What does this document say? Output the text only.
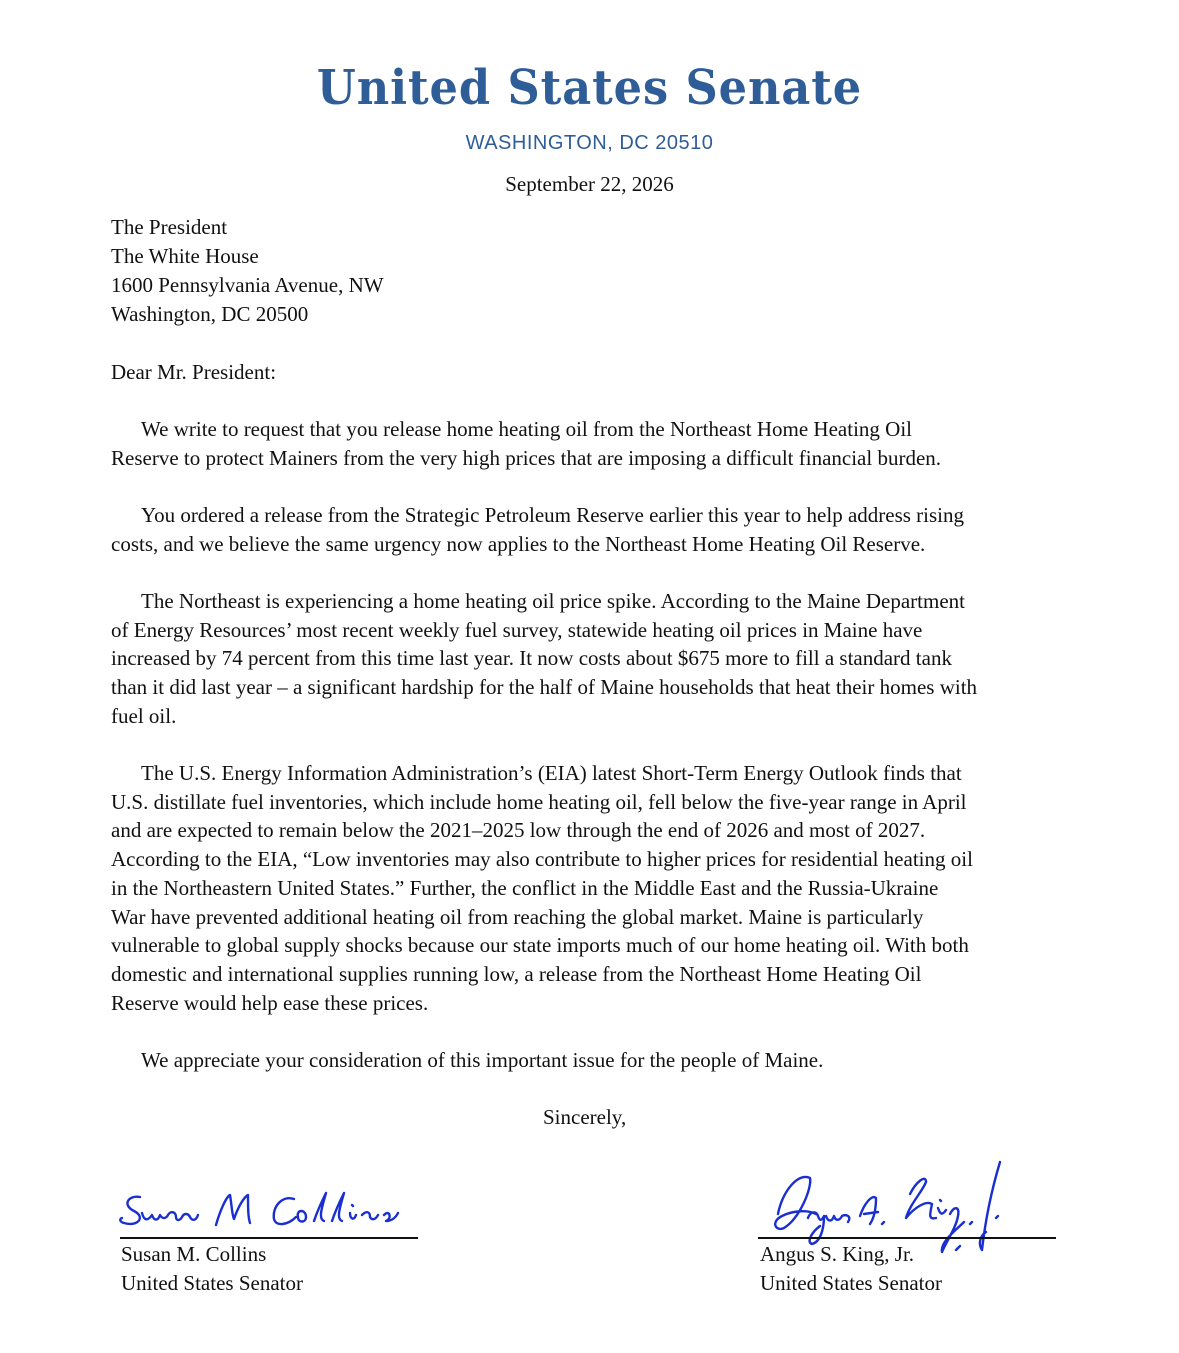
United States Senate
WASHINGTON, DC 20510
September 22, 2026
The President
The White House
1600 Pennsylvania Avenue, NW
Washington, DC 20500
Dear Mr. President:
We write to request that you release home heating oil from the Northeast Home Heating Oil
Reserve to protect Mainers from the very high prices that are imposing a difficult financial burden.
You ordered a release from the Strategic Petroleum Reserve earlier this year to help address rising
costs, and we believe the same urgency now applies to the Northeast Home Heating Oil Reserve.
The Northeast is experiencing a home heating oil price spike. According to the Maine Department
of Energy Resources’ most recent weekly fuel survey, statewide heating oil prices in Maine have
increased by 74 percent from this time last year. It now costs about $675 more to fill a standard tank
than it did last year – a significant hardship for the half of Maine households that heat their homes with
fuel oil.
The U.S. Energy Information Administration’s (EIA) latest Short-Term Energy Outlook finds that
U.S. distillate fuel inventories, which include home heating oil, fell below the five-year range in April
and are expected to remain below the 2021–2025 low through the end of 2026 and most of 2027.
According to the EIA, “Low inventories may also contribute to higher prices for residential heating oil
in the Northeastern United States.” Further, the conflict in the Middle East and the Russia-Ukraine
War have prevented additional heating oil from reaching the global market. Maine is particularly
vulnerable to global supply shocks because our state imports much of our home heating oil. With both
domestic and international supplies running low, a release from the Northeast Home Heating Oil
Reserve would help ease these prices.
We appreciate your consideration of this important issue for the people of Maine.
Sincerely,
Susan M. Collins
United States Senator
Angus S. King, Jr.
United States Senator
